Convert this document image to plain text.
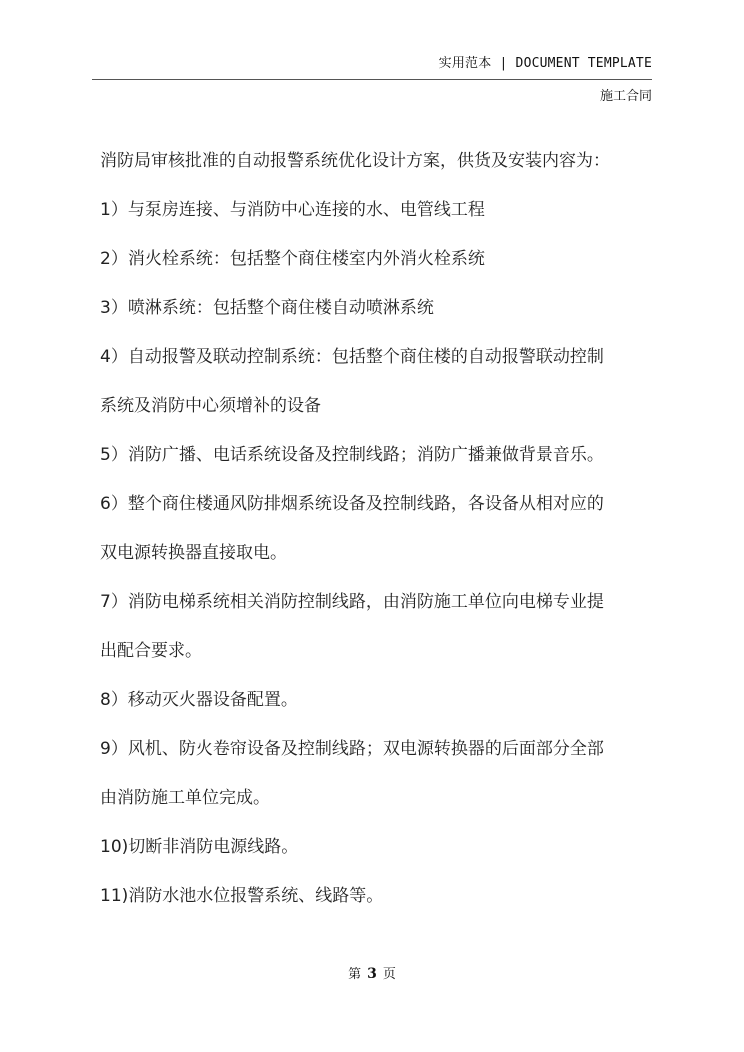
实用范本 | DOCUMENT TEMPLATE
施工合同

消防局审核批准的自动报警系统优化设计方案，供货及安装内容为：

1）与泵房连接、与消防中心连接的水、电管线工程

2）消火栓系统：包括整个商住楼室内外消火栓系统

3）喷淋系统：包括整个商住楼自动喷淋系统

4）自动报警及联动控制系统：包括整个商住楼的自动报警联动控制

系统及消防中心须增补的设备

5）消防广播、电话系统设备及控制线路；消防广播兼做背景音乐。

6）整个商住楼通风防排烟系统设备及控制线路，各设备从相对应的

双电源转换器直接取电。

7）消防电梯系统相关消防控制线路，由消防施工单位向电梯专业提

出配合要求。

8）移动灭火器设备配置。

9）风机、防火卷帘设备及控制线路；双电源转换器的后面部分全部

由消防施工单位完成。

10)切断非消防电源线路。

11)消防水池水位报警系统、线路等。

第 3 页
